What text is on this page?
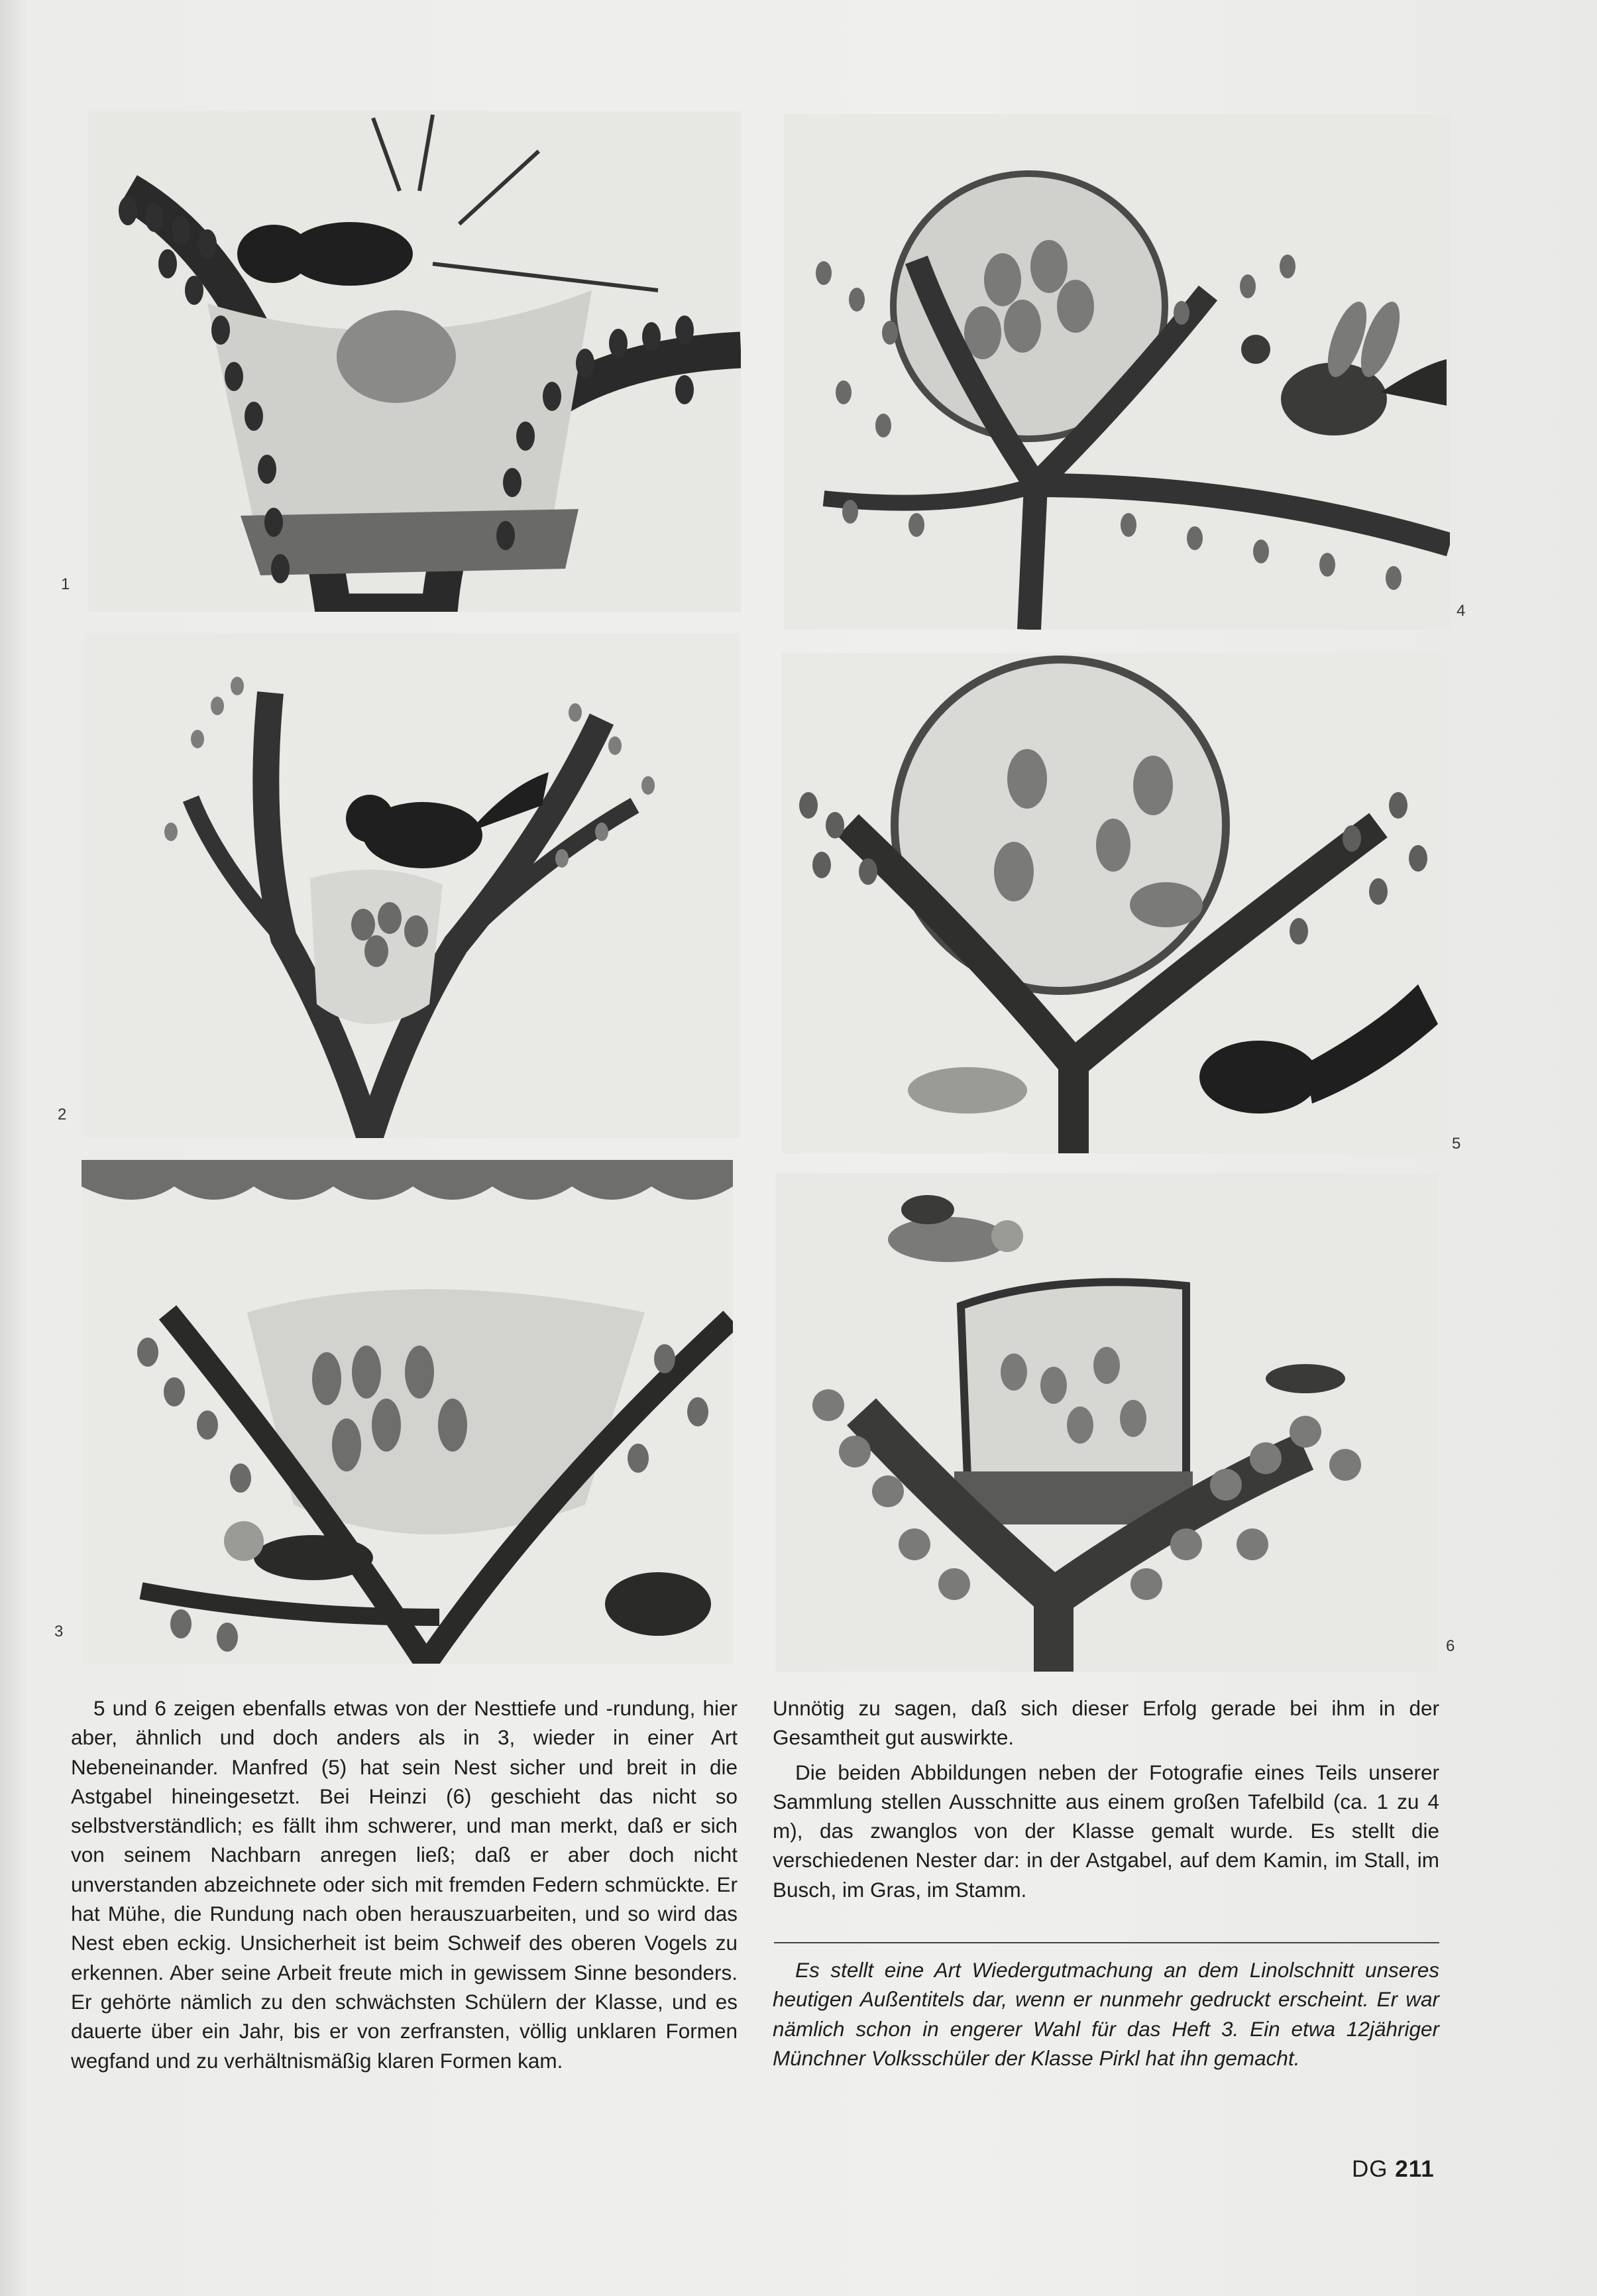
1
4
2
5
3
6

5 und 6 zeigen ebenfalls etwas von der Nesttiefe und -rundung, hier aber, ähnlich und doch anders als in 3, wieder in einer Art Nebeneinander. Manfred (5) hat sein Nest sicher und breit in die Astgabel hineingesetzt. Bei Heinzi (6) geschieht das nicht so selbstverständlich; es fällt ihm schwerer, und man merkt, daß er sich von seinem Nachbarn anregen ließ; daß er aber doch nicht unverstanden abzeichnete oder sich mit fremden Federn schmückte. Er hat Mühe, die Rundung nach oben herauszuarbeiten, und so wird das Nest eben eckig. Unsicherheit ist beim Schweif des oberen Vogels zu erkennen. Aber seine Arbeit freute mich in gewissem Sinne besonders. Er gehörte nämlich zu den schwächsten Schülern der Klasse, und es dauerte über ein Jahr, bis er von zerfransten, völlig unklaren Formen wegfand und zu verhältnismäßig klaren Formen kam.

Unnötig zu sagen, daß sich dieser Erfolg gerade bei ihm in der Gesamtheit gut auswirkte.

Die beiden Abbildungen neben der Fotografie eines Teils unserer Sammlung stellen Ausschnitte aus einem großen Tafelbild (ca. 1 zu 4 m), das zwanglos von der Klasse gemalt wurde. Es stellt die verschiedenen Nester dar: in der Astgabel, auf dem Kamin, im Stall, im Busch, im Gras, im Stamm.

Es stellt eine Art Wiedergutmachung an dem Linolschnitt unseres heutigen Außentitels dar, wenn er nunmehr gedruckt erscheint. Er war nämlich schon in engerer Wahl für das Heft 3. Ein etwa 12jähriger Münchner Volksschüler der Klasse Pirkl hat ihn gemacht.
DG 211
